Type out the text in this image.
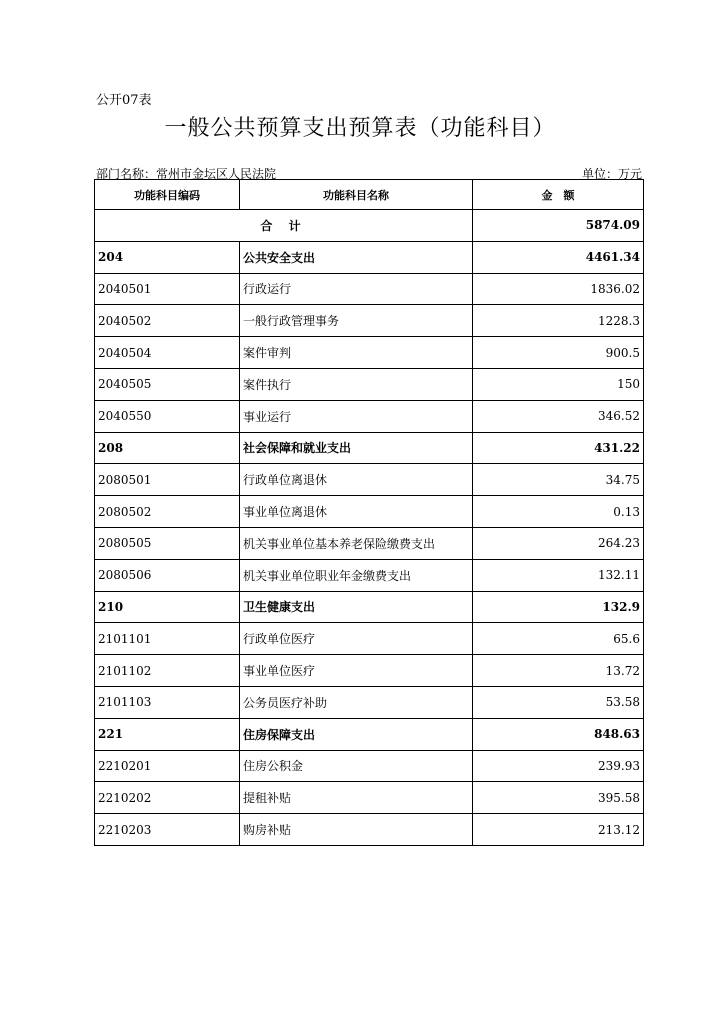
公开07表
一般公共预算支出预算表（功能科目）
部门名称：常州市金坛区人民法院	单位：万元
功能科目编码	功能科目名称	金　额
合 计		5874.09
204	公共安全支出	4461.34
2040501	行政运行	1836.02
2040502	一般行政管理事务	1228.3
2040504	案件审判	900.5
2040505	案件执行	150
2040550	事业运行	346.52
208	社会保障和就业支出	431.22
2080501	行政单位离退休	34.75
2080502	事业单位离退休	0.13
2080505	机关事业单位基本养老保险缴费支出	264.23
2080506	机关事业单位职业年金缴费支出	132.11
210	卫生健康支出	132.9
2101101	行政单位医疗	65.6
2101102	事业单位医疗	13.72
2101103	公务员医疗补助	53.58
221	住房保障支出	848.63
2210201	住房公积金	239.93
2210202	提租补贴	395.58
2210203	购房补贴	213.12
